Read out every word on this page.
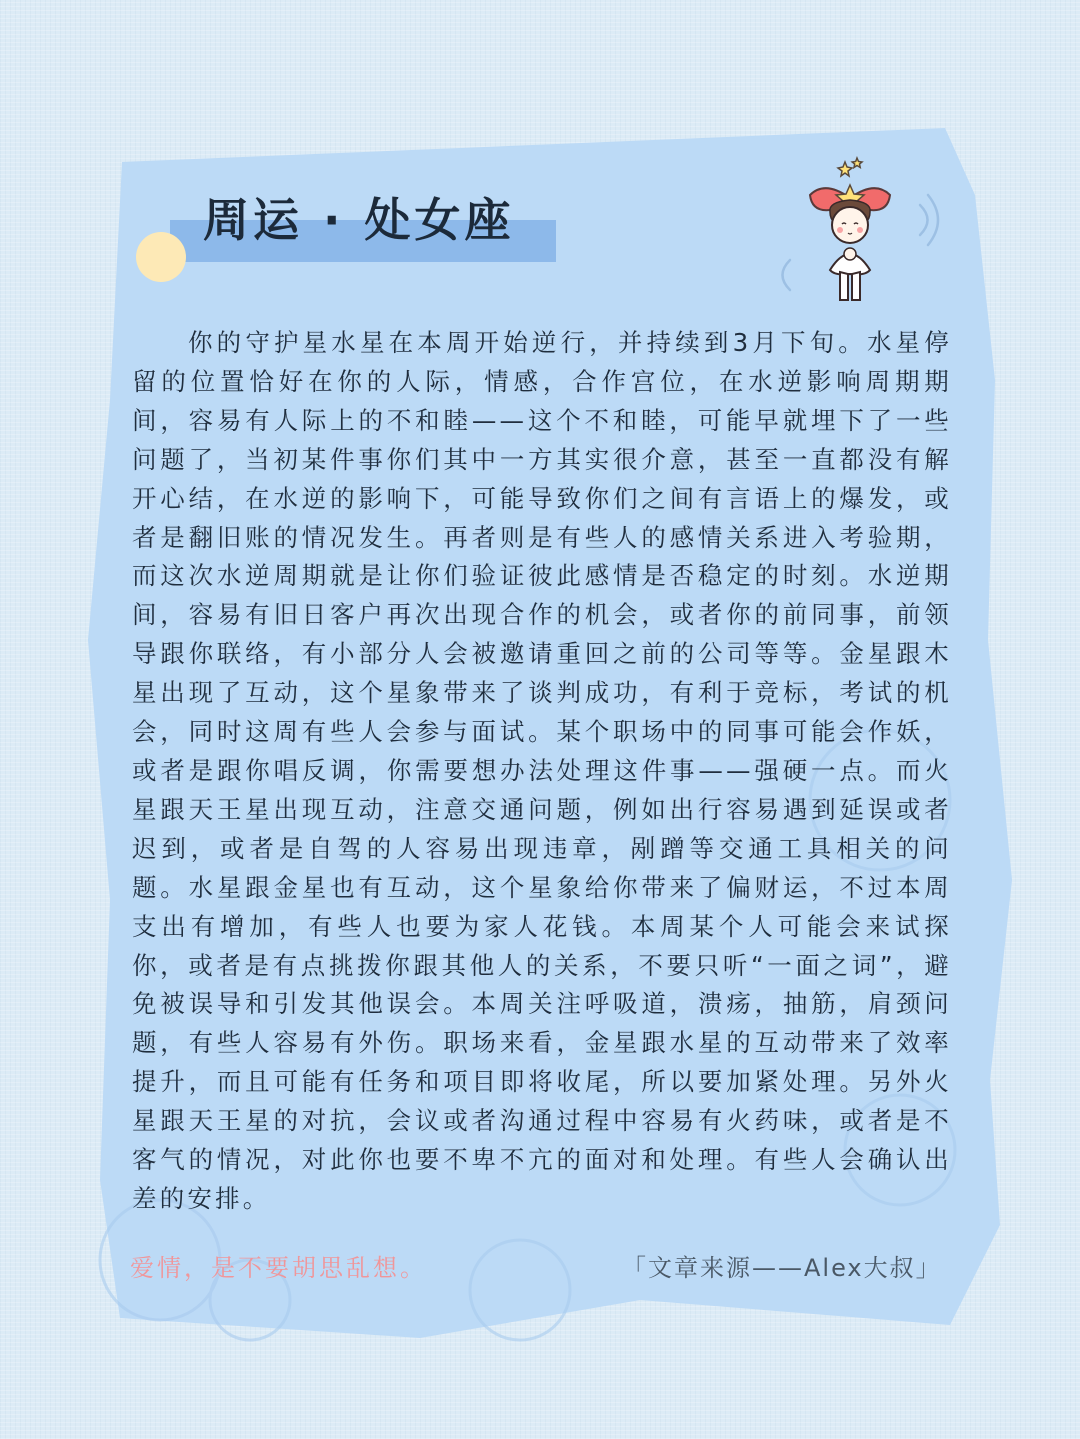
周运 · 处女座

你的守护星水星在本周开始逆行，并持续到3月下旬。水星停留的位置恰好在你的人际，情感，合作宫位，在水逆影响周期期间，容易有人际上的不和睦——这个不和睦，可能早就埋下了一些问题了，当初某件事你们其中一方其实很介意，甚至一直都没有解开心结，在水逆的影响下，可能导致你们之间有言语上的爆发，或者是翻旧账的情况发生。再者则是有些人的感情关系进入考验期，而这次水逆周期就是让你们验证彼此感情是否稳定的时刻。水逆期间，容易有旧日客户再次出现合作的机会，或者你的前同事，前领导跟你联络，有小部分人会被邀请重回之前的公司等等。金星跟木星出现了互动，这个星象带来了谈判成功，有利于竞标，考试的机会，同时这周有些人会参与面试。某个职场中的同事可能会作妖，或者是跟你唱反调，你需要想办法处理这件事——强硬一点。而火星跟天王星出现互动，注意交通问题，例如出行容易遇到延误或者迟到，或者是自驾的人容易出现违章，剐蹭等交通工具相关的问题。水星跟金星也有互动，这个星象给你带来了偏财运，不过本周支出有增加，有些人也要为家人花钱。本周某个人可能会来试探你，或者是有点挑拨你跟其他人的关系，不要只听“一面之词”，避免被误导和引发其他误会。本周关注呼吸道，溃疡，抽筋，肩颈问题，有些人容易有外伤。职场来看，金星跟水星的互动带来了效率提升，而且可能有任务和项目即将收尾，所以要加紧处理。另外火星跟天王星的对抗，会议或者沟通过程中容易有火药味，或者是不客气的情况，对此你也要不卑不亢的面对和处理。有些人会确认出差的安排。

爱情，是不要胡思乱想。	「文章来源——Alex大叔」
